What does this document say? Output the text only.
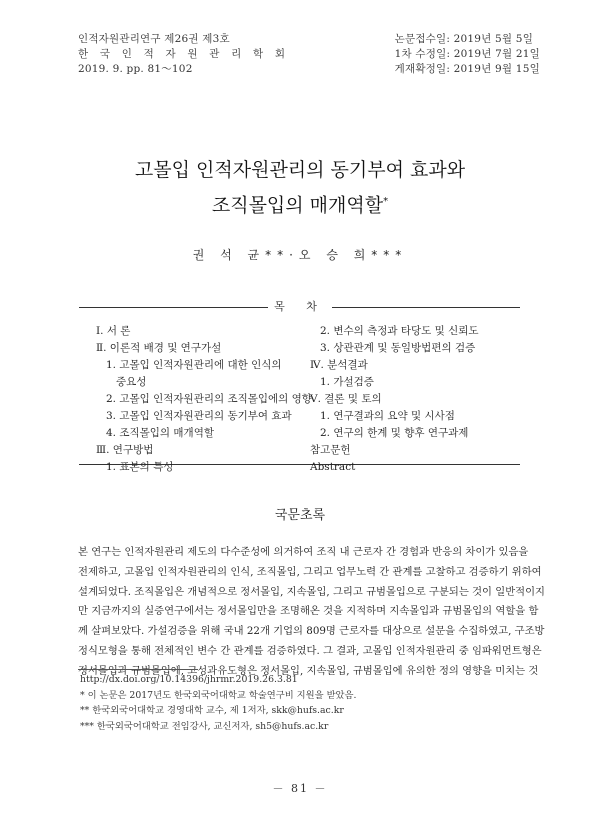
인적자원관리연구 제26권 제3호
한 국 인 적 자 원 관 리 학 회
2019. 9. pp. 81～102
논문접수일: 2019년 5월 5일
1차 수정일: 2019년 7월 21일
게재확정일: 2019년 9월 15일
고몰입 인적자원관리의 동기부여 효과와
조직몰입의 매개역할*
권 석 균**·오 승 희***
목 차
Ⅰ. 서 론
Ⅱ. 이론적 배경 및 연구가설
1. 고몰입 인적자원관리에 대한 인식의
중요성
2. 고몰입 인적자원관리의 조직몰입에의 영향
3. 고몰입 인적자원관리의 동기부여 효과
4. 조직몰입의 매개역할
Ⅲ. 연구방법
1. 표본의 특성
2. 변수의 측정과 타당도 및 신뢰도
3. 상관관계 및 동일방법편의 검증
Ⅳ. 분석결과
1. 가설검증
Ⅴ. 결론 및 토의
1. 연구결과의 요약 및 시사점
2. 연구의 한계 및 향후 연구과제
참고문헌
Abstract
국문초록
본 연구는 인적자원관리 제도의 다수준성에 의거하여 조직 내 근로자 간 경험과 반응의 차이가 있음을
전제하고, 고몰입 인적자원관리의 인식, 조직몰입, 그리고 업무노력 간 관계를 고찰하고 검증하기 위하여
설계되었다. 조직몰입은 개념적으로 정서몰입, 지속몰입, 그리고 규범몰입으로 구분되는 것이 일반적이지
만 지금까지의 실증연구에서는 정서몰입만을 조명해온 것을 지적하며 지속몰입과 규범몰입의 역할을 함
께 살펴보았다. 가설검증을 위해 국내 22개 기업의 809명 근로자를 대상으로 설문을 수집하였고, 구조방
정식모형을 통해 전체적인 변수 간 관계를 검증하였다. 그 결과, 고몰입 인적자원관리 중 임파워먼트형은
정서몰입과 규범몰입에, 고성과유도형은 정서몰입, 지속몰입, 규범몰입에 유의한 정의 영향을 미치는 것
http://dx.doi.org/10.14396/jhrmr.2019.26.3.81
* 이 논문은 2017년도 한국외국어대학교 학술연구비 지원을 받았음.
** 한국외국어대학교 경영대학 교수, 제 1저자, skk@hufs.ac.kr
*** 한국외국어대학교 전임강사, 교신저자, sh5@hufs.ac.kr
－ 81 －
